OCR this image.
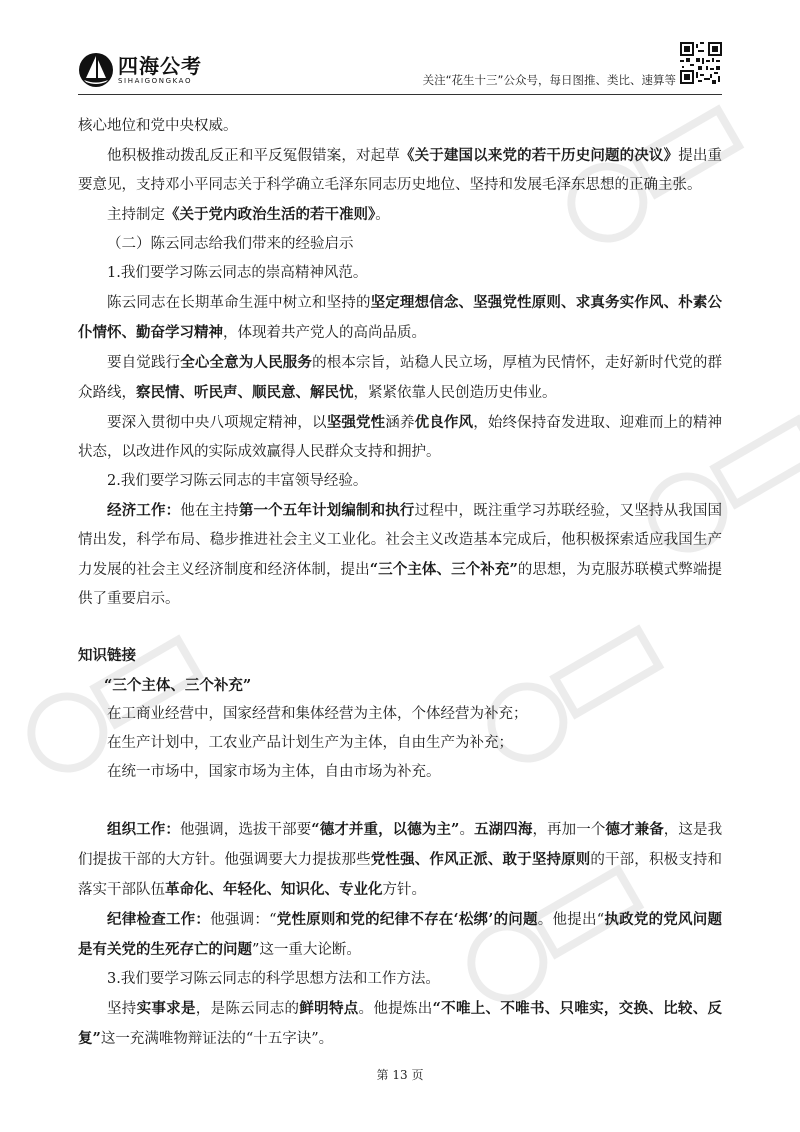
四海公考
SIHAIGONGKAO	关注“花生十三”公众号，每日图推、类比、速算等

核心地位和党中央权威。

他积极推动拨乱反正和平反冤假错案，对起草《关于建国以来党的若干历史问题的决议》提出重要意见，支持邓小平同志关于科学确立毛泽东同志历史地位、坚持和发展毛泽东思想的正确主张。

主持制定《关于党内政治生活的若干准则》。

（二）陈云同志给我们带来的经验启示

1.我们要学习陈云同志的崇高精神风范。

陈云同志在长期革命生涯中树立和坚持的坚定理想信念、坚强党性原则、求真务实作风、朴素公仆情怀、勤奋学习精神，体现着共产党人的高尚品质。

要自觉践行全心全意为人民服务的根本宗旨，站稳人民立场，厚植为民情怀，走好新时代党的群众路线，察民情、听民声、顺民意、解民忧，紧紧依靠人民创造历史伟业。

要深入贯彻中央八项规定精神，以坚强党性涵养优良作风，始终保持奋发进取、迎难而上的精神状态，以改进作风的实际成效赢得人民群众支持和拥护。

2.我们要学习陈云同志的丰富领导经验。

经济工作：他在主持第一个五年计划编制和执行过程中，既注重学习苏联经验，又坚持从我国国情出发，科学布局、稳步推进社会主义工业化。社会主义改造基本完成后，他积极探索适应我国生产力发展的社会主义经济制度和经济体制，提出“三个主体、三个补充”的思想，为克服苏联模式弊端提供了重要启示。

知识链接

“三个主体、三个补充”

在工商业经营中，国家经营和集体经营为主体，个体经营为补充；

在生产计划中，工农业产品计划生产为主体，自由生产为补充；

在统一市场中，国家市场为主体，自由市场为补充。

组织工作：他强调，选拔干部要“德才并重，以德为主”。五湖四海，再加一个德才兼备，这是我们提拔干部的大方针。他强调要大力提拔那些党性强、作风正派、敢于坚持原则的干部，积极支持和落实干部队伍革命化、年轻化、知识化、专业化方针。

纪律检查工作：他强调：“党性原则和党的纪律不存在‘松绑’的问题。他提出“执政党的党风问题是有关党的生死存亡的问题”这一重大论断。

3.我们要学习陈云同志的科学思想方法和工作方法。

坚持实事求是，是陈云同志的鲜明特点。他提炼出“不唯上、不唯书、只唯实，交换、比较、反复”这一充满唯物辩证法的“十五字诀”。

第 13 页
